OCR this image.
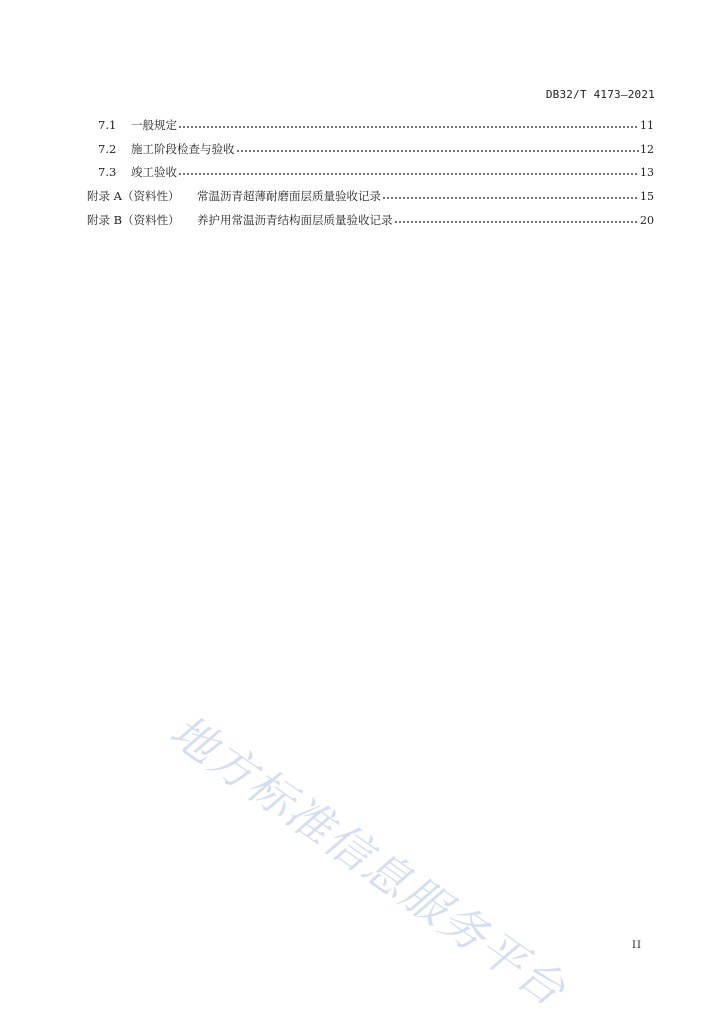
DB32/T 4173—2021
7.1	一般规定	11
7.2	施工阶段检查与验收	12
7.3	竣工验收	13
附录 A（资料性）	常温沥青超薄耐磨面层质量验收记录	15
附录 B（资料性）	养护用常温沥青结构面层质量验收记录	20
地方标准信息服务平台	II
